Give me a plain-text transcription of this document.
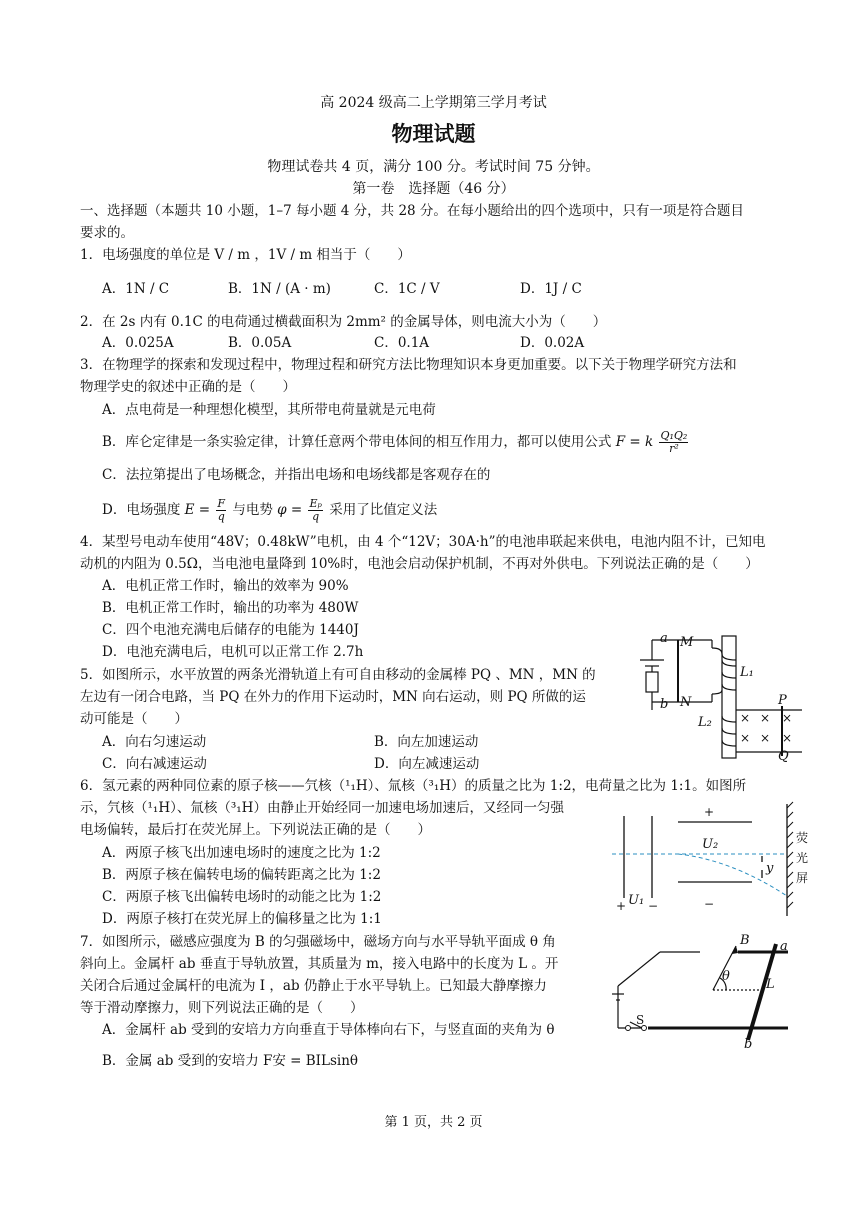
高 2024 级高二上学期第三学月考试
物理试题
物理试卷共 4 页，满分 100 分。考试时间 75 分钟。
第一卷　选择题（46 分）
一、选择题（本题共 10 小题，1–7 每小题 4 分，共 28 分。在每小题给出的四个选项中，只有一项是符合题目
要求的。
1．电场强度的单位是 V / m ，1V / m 相当于（　　）
A．1N / C	B．1N / (A · m)	C．1C / V	D．1J / C
2．在 2s 内有 0.1C 的电荷通过横截面积为 2mm² 的金属导体，则电流大小为（　　）
A．0.025A	B．0.05A	C．0.1A	D．0.02A
3．在物理学的探索和发现过程中，物理过程和研究方法比物理知识本身更加重要。以下关于物理学研究方法和
物理学史的叙述中正确的是（　　）
A．点电荷是一种理想化模型，其所带电荷量就是元电荷
B．库仑定律是一条实验定律，计算任意两个带电体间的相互作用力，都可以使用公式 F = k $\frac{\text{Q₁Q₂}}{\text{r²}}$
C．法拉第提出了电场概念，并指出电场和电场线都是客观存在的
D．电场强度 $E = \frac{F}{q}$ 与电势 $\varphi = \frac{\text{Eₚ}}{q}$ 采用了比值定义法
4．某型号电动车使用“48V；0.48kW”电机，由 4 个“12V；30A·h”的电池串联起来供电，电池内阻不计，已知电
动机的内阻为 0.5Ω，当电池电量降到 10%时，电池会启动保护机制，不再对外供电。下列说法正确的是（　　）
A．电机正常工作时，输出的效率为 90%
B．电机正常工作时，输出的功率为 480W
C．四个电池充满电后储存的电能为 1440J
D．电池充满电后，电机可以正常工作 2.7h
5．如图所示，水平放置的两条光滑轨道上有可自由移动的金属棒 PQ 、MN ，MN 的
左边有一闭合电路，当 PQ 在外力的作用下运动时，MN 向右运动，则 PQ 所做的运
动可能是（　　）
A．向右匀速运动	B．向左加速运动
C．向右减速运动	D．向左减速运动
a
b
M
N
L₁
L₂
P
Q
× × ×
× × ×
6．氢元素的两种同位素的原子核——氕核（¹₁H）、氚核（³₁H）的质量之比为 1:2，电荷量之比为 1:1。如图所
示，氕核（¹₁H）、氚核（³₁H）由静止开始经同一加速电场加速后，又经同一匀强
电场偏转，最后打在荧光屏上。下列说法正确的是（　　）
A．两原子核飞出加速电场时的速度之比为 1:2
B．两原子核在偏转电场的偏转距离之比为 1:2
C．两原子核飞出偏转电场时的动能之比为 1:2
D．两原子核打在荧光屏上的偏移量之比为 1:1
+
−
+ −
荧
光
屏
U₂
U₁
y
7．如图所示，磁感应强度为 B 的匀强磁场中，磁场方向与水平导轨平面成 θ 角
斜向上。金属杆 ab 垂直于导轨放置，其质量为 m，接入电路中的长度为 L 。开
关闭合后通过金属杆的电流为 I ，ab 仍静止于水平导轨上。已知最大静摩擦力
等于滑动摩擦力，则下列说法正确的是（　　）
A．金属杆 ab 受到的安培力方向垂直于导体棒向右下，与竖直面的夹角为 θ
B．金属 ab 受到的安培力 F安 = BILsinθ
B a
b
θ
L
S
第 1 页，共 2 页
